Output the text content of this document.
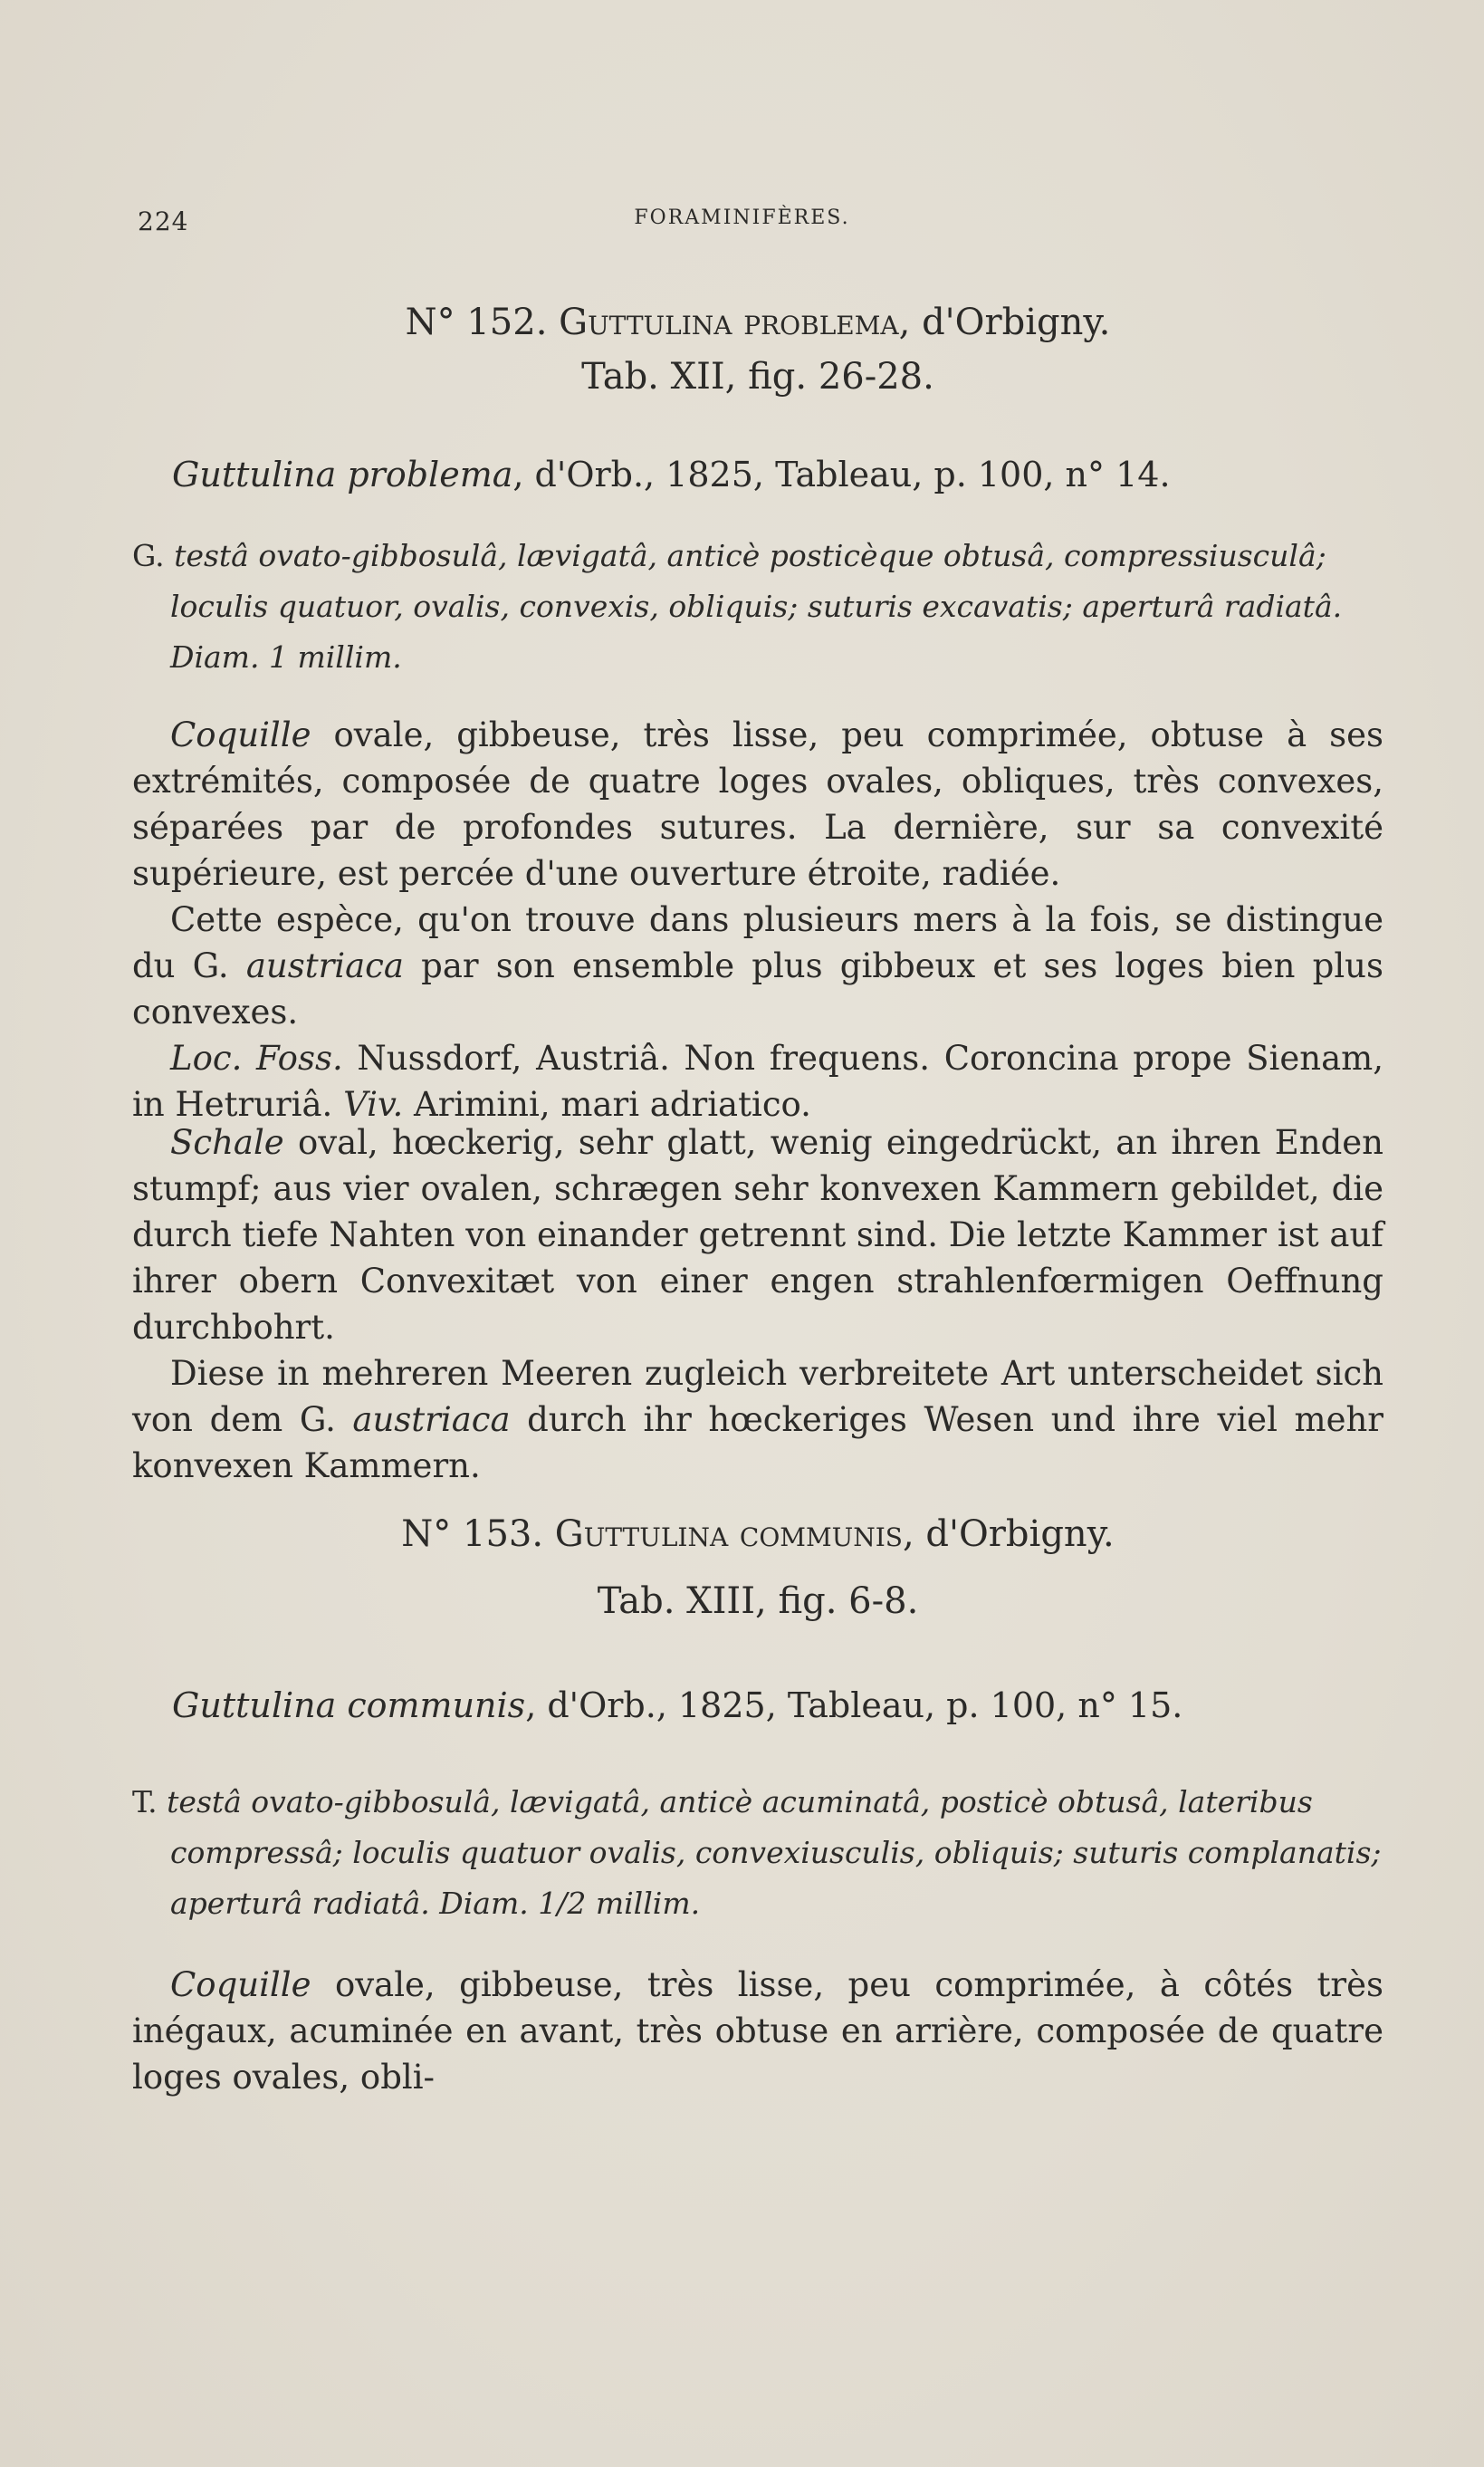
224	FORAMINIFÈRES.
N° 152. Guttulina problema, d'Orbigny.
Tab. XII, fig. 26-28.
Guttulina problema, d'Orb., 1825, Tableau, p. 100, n° 14.

G. testâ ovato-gibbosulâ, lævigatâ, anticè posticèque obtusâ, compressiusculâ; loculis quatuor, ovalis, convexis, obliquis; suturis excavatis; aperturâ radiatâ. Diam. 1 millim.

Coquille ovale, gibbeuse, très lisse, peu comprimée, obtuse à ses extrémités, composée de quatre loges ovales, obliques, très convexes, séparées par de profondes sutures. La dernière, sur sa convexité supérieure, est percée d'une ouverture étroite, radiée.

Cette espèce, qu'on trouve dans plusieurs mers à la fois, se distingue du G. austriaca par son ensemble plus gibbeux et ses loges bien plus convexes.

Loc. Foss. Nussdorf, Austriâ. Non frequens. Coroncina prope Sienam, in Hetruriâ. Viv. Arimini, mari adriatico.

Schale oval, hœckerig, sehr glatt, wenig eingedrückt, an ihren Enden stumpf; aus vier ovalen, schrægen sehr konvexen Kammern gebildet, die durch tiefe Nahten von einander getrennt sind. Die letzte Kammer ist auf ihrer obern Convexitæt von einer engen strahlenfœrmigen Oeffnung durchbohrt.

Diese in mehreren Meeren zugleich verbreitete Art unterscheidet sich von dem G. austriaca durch ihr hœckeriges Wesen und ihre viel mehr konvexen Kammern.

N° 153. Guttulina communis, d'Orbigny.
Tab. XIII, fig. 6-8.
Guttulina communis, d'Orb., 1825, Tableau, p. 100, n° 15.

T. testâ ovato-gibbosulâ, lævigatâ, anticè acuminatâ, posticè obtusâ, lateribus compressâ; loculis quatuor ovalis, convexiusculis, obliquis; suturis complanatis; aperturâ radiatâ. Diam. 1/2 millim.

Coquille ovale, gibbeuse, très lisse, peu comprimée, à côtés très inégaux, acuminée en avant, très obtuse en arrière, composée de quatre loges ovales, obli-
